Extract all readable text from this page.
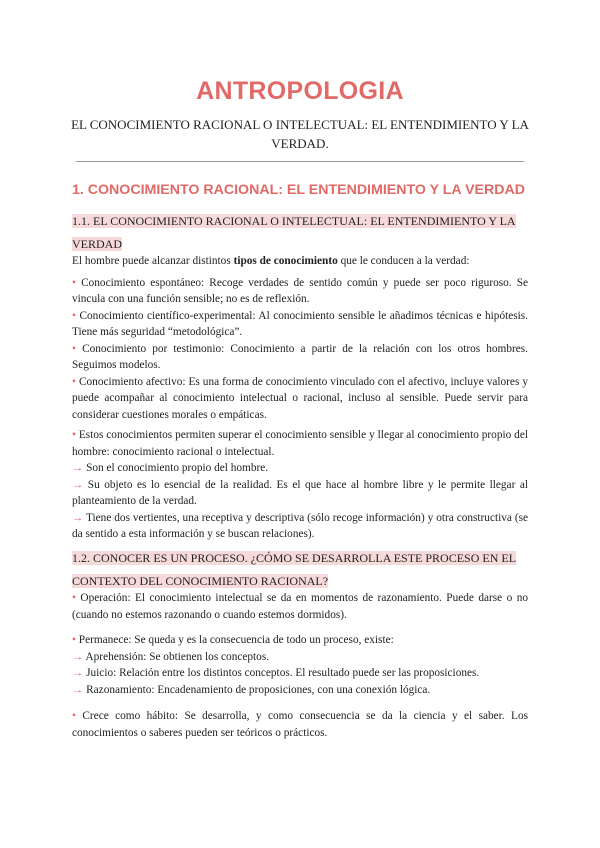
ANTROPOLOGIA
EL CONOCIMIENTO RACIONAL O INTELECTUAL: EL ENTENDIMIENTO Y LA VERDAD.
1. CONOCIMIENTO RACIONAL: EL ENTENDIMIENTO Y LA VERDAD
1.1. EL CONOCIMIENTO RACIONAL O INTELECTUAL: EL ENTENDIMIENTO Y LA VERDAD

El hombre puede alcanzar distintos tipos de conocimiento que le conducen a la verdad:

• Conocimiento espontáneo: Recoge verdades de sentido común y puede ser poco riguroso. Se vincula con una función sensible; no es de reflexión.

• Conocimiento científico-experimental: Al conocimiento sensible le añadimos técnicas e hipótesis. Tiene más seguridad “metodológica”.

• Conocimiento por testimonio: Conocimiento a partir de la relación con los otros hombres. Seguimos modelos.

• Conocimiento afectivo: Es una forma de conocimiento vinculado con el afectivo, incluye valores y puede acompañar al conocimiento intelectual o racional, incluso al sensible. Puede servir para considerar cuestiones morales o empáticas.

• Estos conocimientos permiten superar el conocimiento sensible y llegar al conocimiento propio del hombre: conocimiento racional o intelectual.

→ Son el conocimiento propio del hombre.

→ Su objeto es lo esencial de la realidad. Es el que hace al hombre libre y le permite llegar al planteamiento de la verdad.

→ Tiene dos vertientes, una receptiva y descriptiva (sólo recoge información) y otra constructiva (se da sentido a esta información y se buscan relaciones).

1.2. CONOCER ES UN PROCESO. ¿CÓMO SE DESARROLLA ESTE PROCESO EN EL CONTEXTO DEL CONOCIMIENTO RACIONAL?

• Operación: El conocimiento intelectual se da en momentos de razonamiento. Puede darse o no (cuando no estemos razonando o cuando estemos dormidos).

• Permanece: Se queda y es la consecuencia de todo un proceso, existe:

→ Aprehensión: Se obtienen los conceptos.

→ Juicio: Relación entre los distintos conceptos. El resultado puede ser las proposiciones.

→ Razonamiento: Encadenamiento de proposiciones, con una conexión lógica.

• Crece como hábito: Se desarrolla, y como consecuencia se da la ciencia y el saber. Los conocimientos o saberes pueden ser teóricos o prácticos.
